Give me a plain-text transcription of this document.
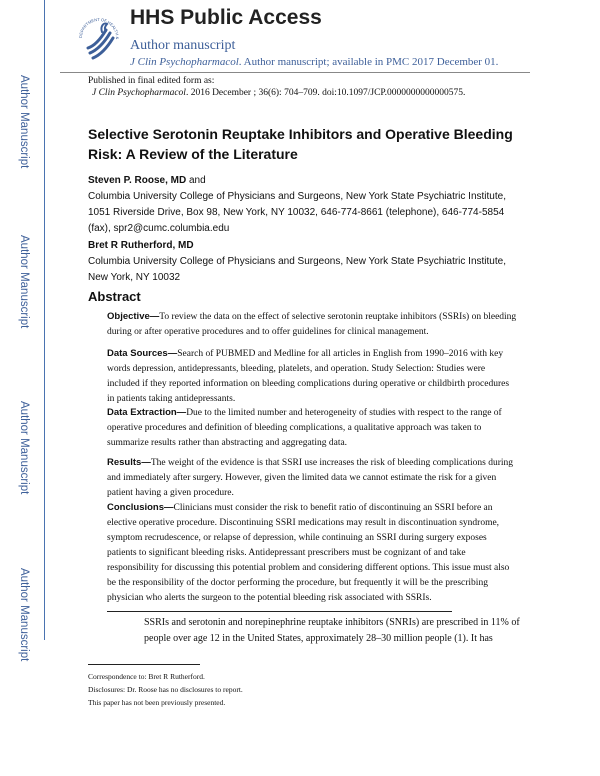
Author Manuscript
Author Manuscript
Author Manuscript
Author Manuscript
DEPARTMENT OF HEALTH &
HHS Public Access
Author manuscript
J Clin Psychopharmacol. Author manuscript; available in PMC 2017 December 01.
Published in final edited form as:
J Clin Psychopharmacol. 2016 December ; 36(6): 704–709. doi:10.1097/JCP.0000000000000575.
Selective Serotonin Reuptake Inhibitors and Operative Bleeding Risk: A Review of the Literature
Steven P. Roose, MD and
Columbia University College of Physicians and Surgeons, New York State Psychiatric Institute, 1051 Riverside Drive, Box 98, New York, NY 10032, 646-774-8661 (telephone), 646-774-5854 (fax), spr2@cumc.columbia.edu
Bret R Rutherford, MD
Columbia University College of Physicians and Surgeons, New York State Psychiatric Institute, New York, NY 10032
Abstract

Objective—To review the data on the effect of selective serotonin reuptake inhibitors (SSRIs) on bleeding during or after operative procedures and to offer guidelines for clinical management.

Data Sources—Search of PUBMED and Medline for all articles in English from 1990–2016 with key words depression, antidepressants, bleeding, platelets, and operation. Study Selection: Studies were included if they reported information on bleeding complications during operative or childbirth procedures in patients taking antidepressants.

Data Extraction—Due to the limited number and heterogeneity of studies with respect to the range of operative procedures and definition of bleeding complications, a qualitative approach was taken to summarize results rather than abstracting and aggregating data.

Results—The weight of the evidence is that SSRI use increases the risk of bleeding complications during and immediately after surgery. However, given the limited data we cannot estimate the risk for a given patient having a given procedure.

Conclusions—Clinicians must consider the risk to benefit ratio of discontinuing an SSRI before an elective operative procedure. Discontinuing SSRI medications may result in discontinuation syndrome, symptom recrudescence, or relapse of depression, while continuing an SSRI during surgery exposes patients to significant bleeding risks. Antidepressant prescribers must be cognizant of and take responsibility for discussing this potential problem and considering different options. This issue must also be the responsibility of the doctor performing the procedure, but frequently it will be the prescribing physician who alerts the surgeon to the potential bleeding risk associated with SSRIs.

SSRIs and serotonin and norepinephrine reuptake inhibitors (SNRIs) are prescribed in 11% of people over age 12 in the United States, approximately 28–30 million people (1). It has

Correspondence to: Bret R Rutherford.
Disclosures: Dr. Roose has no disclosures to report.
This paper has not been previously presented.
